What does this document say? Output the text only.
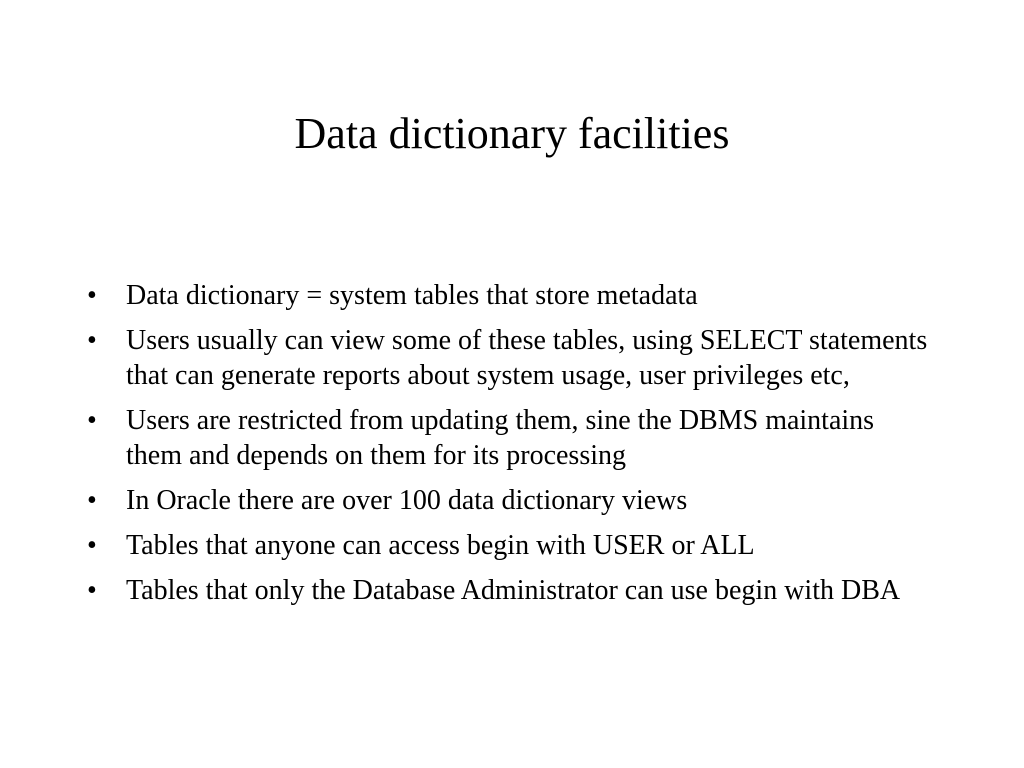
Data dictionary facilities
•	Data dictionary = system tables that store metadata
•	Users usually can view some of these tables, using SELECT statements that can generate reports about system usage, user privileges etc,
•	Users are restricted from updating them, sine the DBMS maintains them and depends on them for its processing
•	In Oracle there are over 100 data dictionary views
•	Tables that anyone can access begin with USER or ALL
•	Tables that only the Database Administrator can use begin with DBA
